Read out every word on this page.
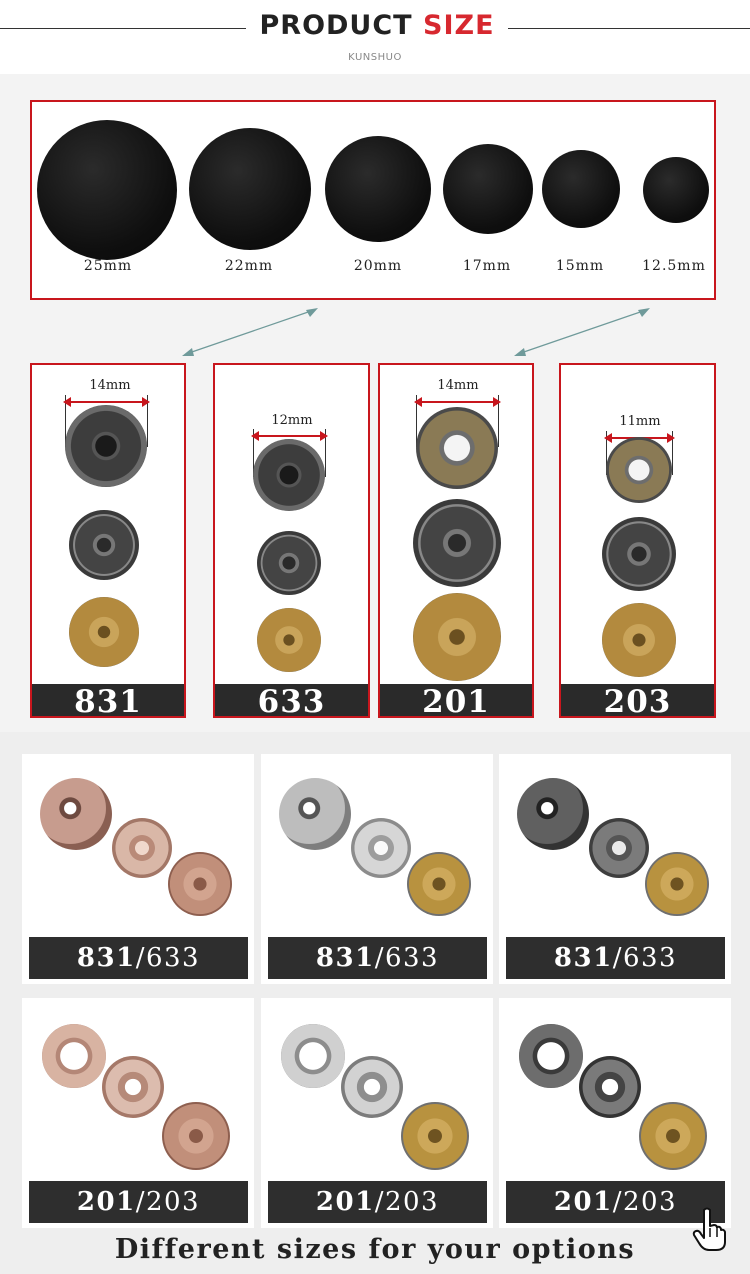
PRODUCT SIZE
KUNSHUO
25mm	22mm	20mm	17mm	15mm	12.5mm
14mm
831
12mm
633
14mm
201
11mm
203
831/633	831/633	831/633
201/203	201/203	201/203
Different sizes for your options
